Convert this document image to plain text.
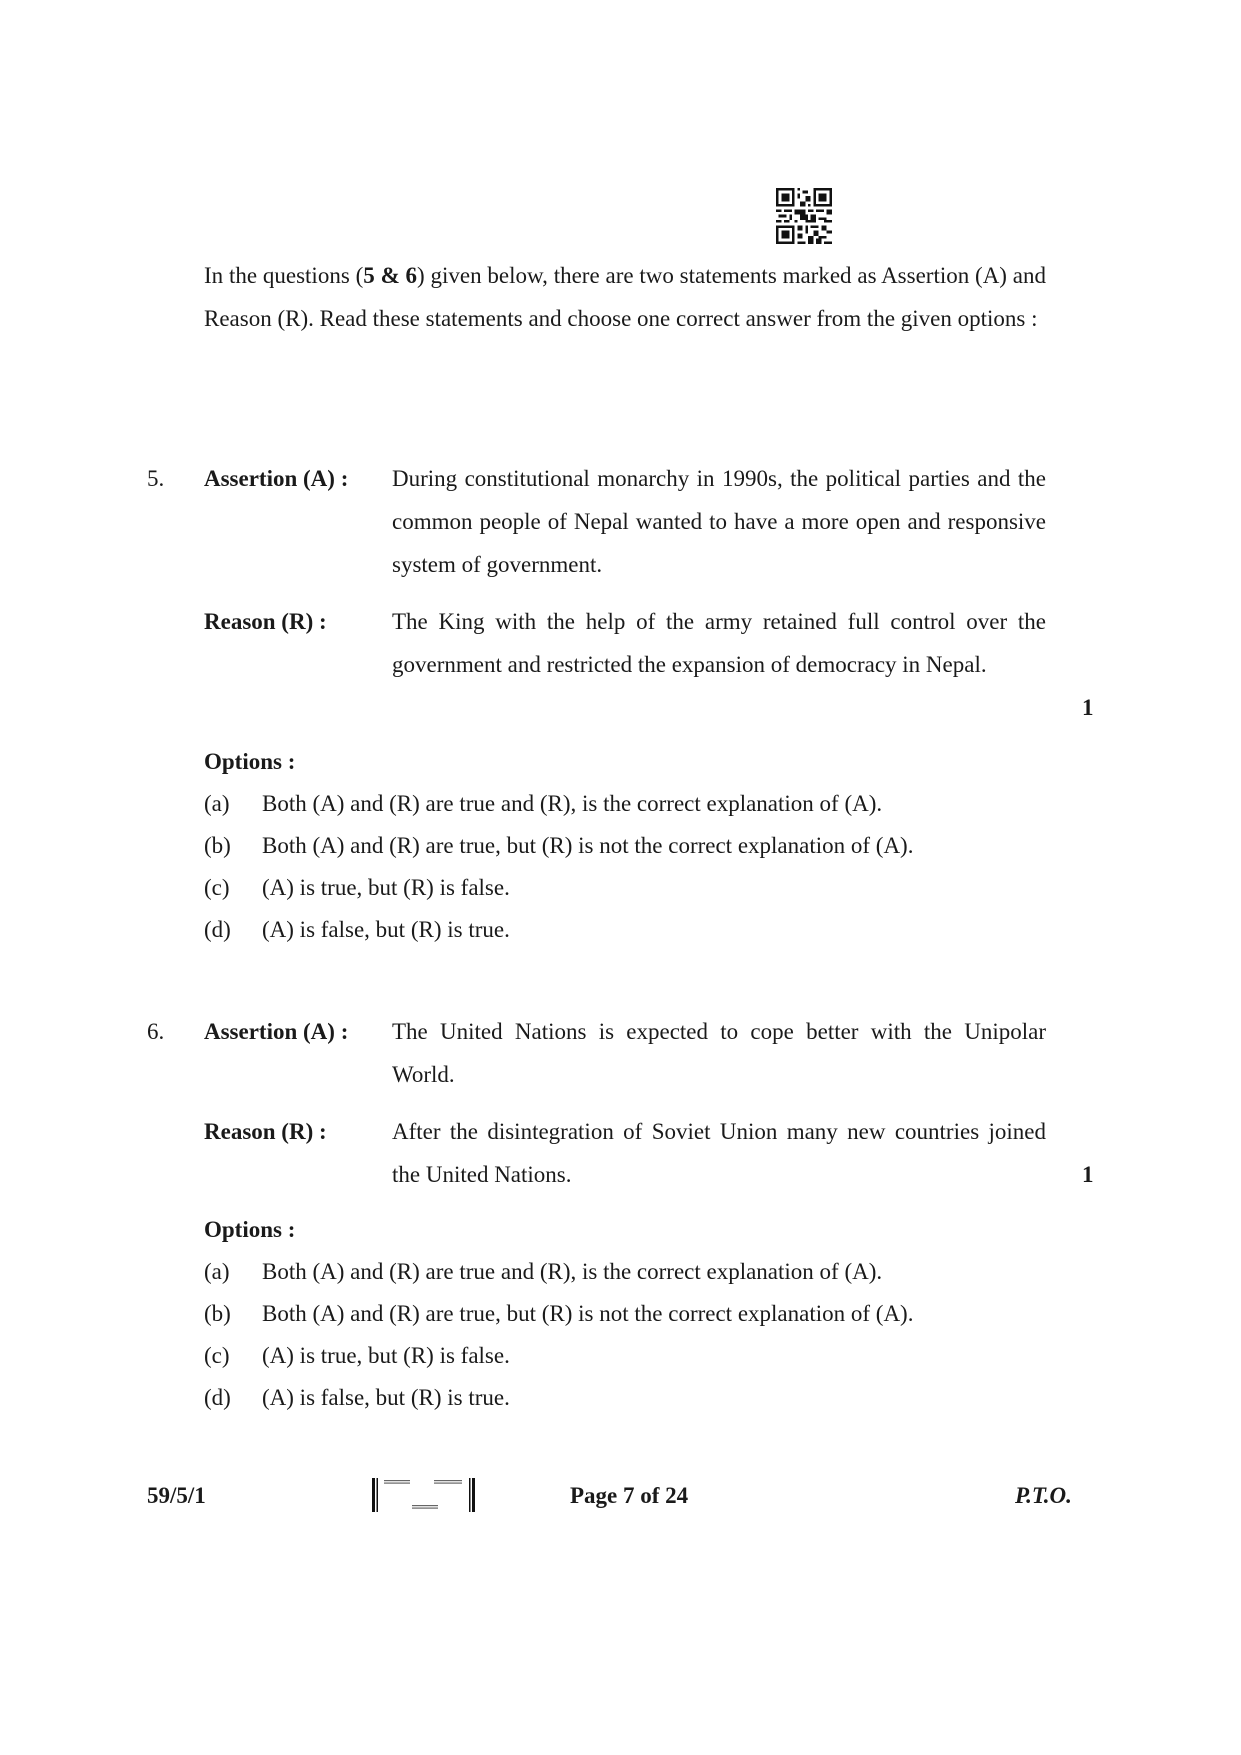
In the questions (5 & 6) given below, there are two statements marked as Assertion (A) and Reason (R). Read these statements and choose one correct answer from the given options :
5. Assertion (A) : During constitutional monarchy in 1990s, the political parties and the common people of Nepal wanted to have a more open and responsive system of government.
Reason (R) :	The King with the help of the army retained full control over the government and restricted the expansion of democracy in Nepal.
1
Options :
(a) Both (A) and (R) are true and (R), is the correct explanation of (A).
(b) Both (A) and (R) are true, but (R) is not the correct explanation of (A).
(c) (A) is true, but (R) is false.
(d) (A) is false, but (R) is true.
6. Assertion (A) : The United Nations is expected to cope better with the Unipolar World.
Reason (R) :	After the disintegration of Soviet Union many new countries joined the United Nations.	1
Options :
(a) Both (A) and (R) are true and (R), is the correct explanation of (A).
(b) Both (A) and (R) are true, but (R) is not the correct explanation of (A).
(c) (A) is true, but (R) is false.
(d) (A) is false, but (R) is true.
59/5/1	Page 7 of 24	P.T.O.
